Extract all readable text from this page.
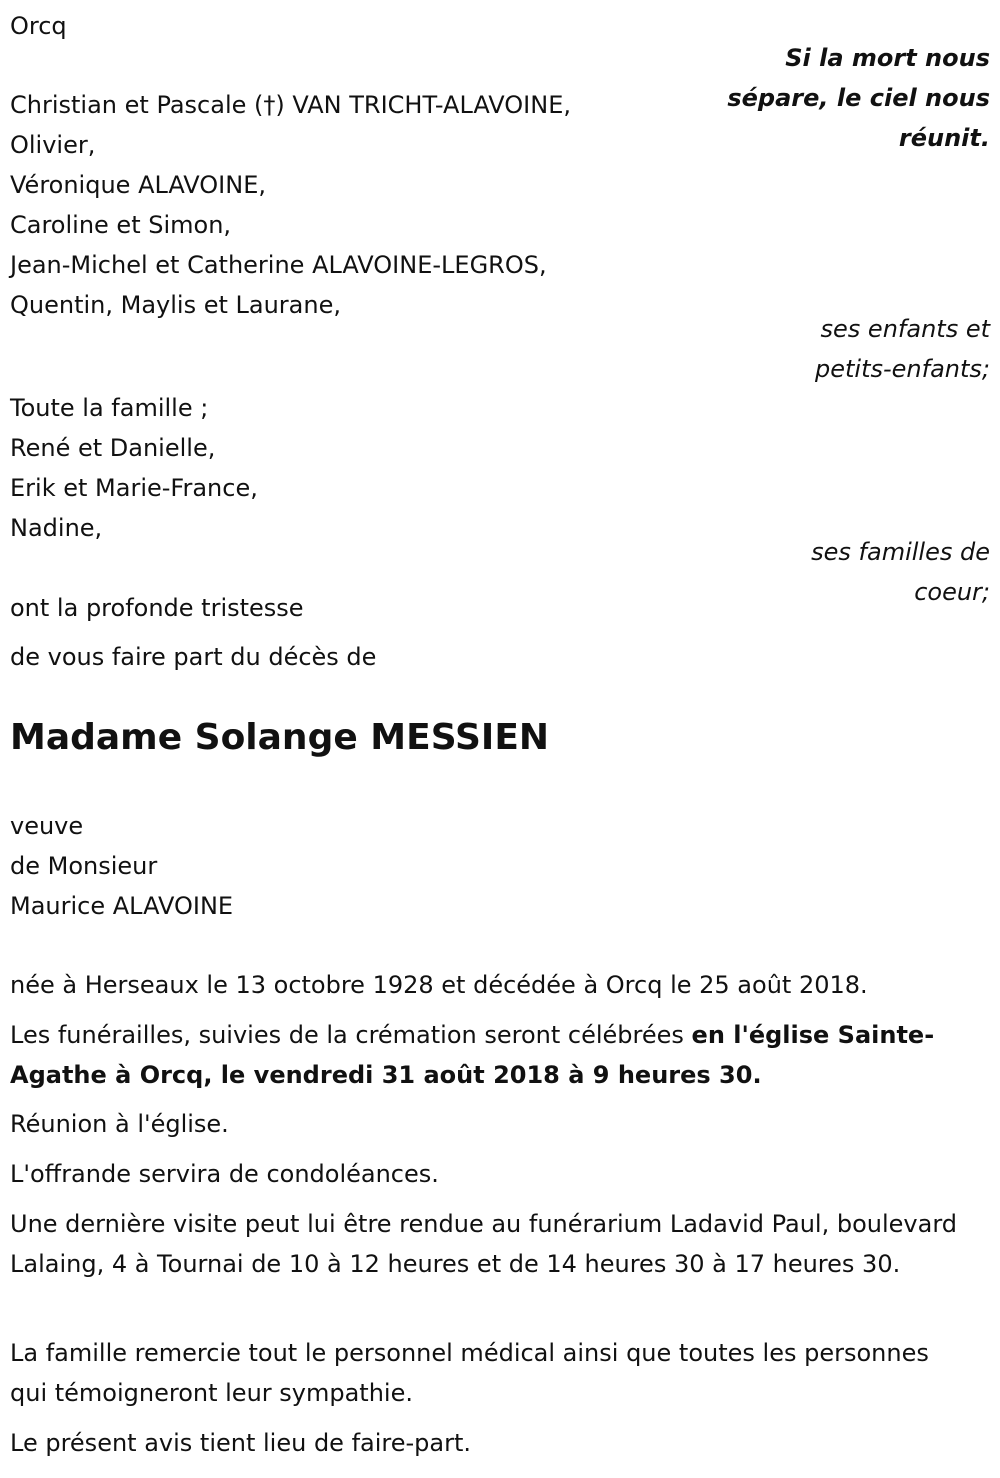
Orcq
Si la mort nous
sépare, le ciel nous
réunit.
Christian et Pascale (†) VAN TRICHT-ALAVOINE,
Olivier,
Véronique ALAVOINE,
Caroline et Simon,
Jean-Michel et Catherine ALAVOINE-LEGROS,
Quentin, Maylis et Laurane,
ses enfants et
petits-enfants;
Toute la famille ;
René et Danielle,
Erik et Marie-France,
Nadine,
ses familles de
coeur;
ont la profonde tristesse
de vous faire part du décès de
Madame Solange MESSIEN
veuve
de Monsieur
Maurice ALAVOINE
née à Herseaux le 13 octobre 1928 et décédée à Orcq le 25 août 2018.
Les funérailles, suivies de la crémation seront célébrées en l'église Sainte-Agathe à Orcq, le vendredi 31 août 2018 à 9 heures 30.
Réunion à l'église.
L'offrande servira de condoléances.
Une dernière visite peut lui être rendue au funérarium Ladavid Paul, boulevard Lalaing, 4 à Tournai de 10 à 12 heures et de 14 heures 30 à 17 heures 30.
La famille remercie tout le personnel médical ainsi que toutes les personnes qui témoigneront leur sympathie.
Le présent avis tient lieu de faire-part.
